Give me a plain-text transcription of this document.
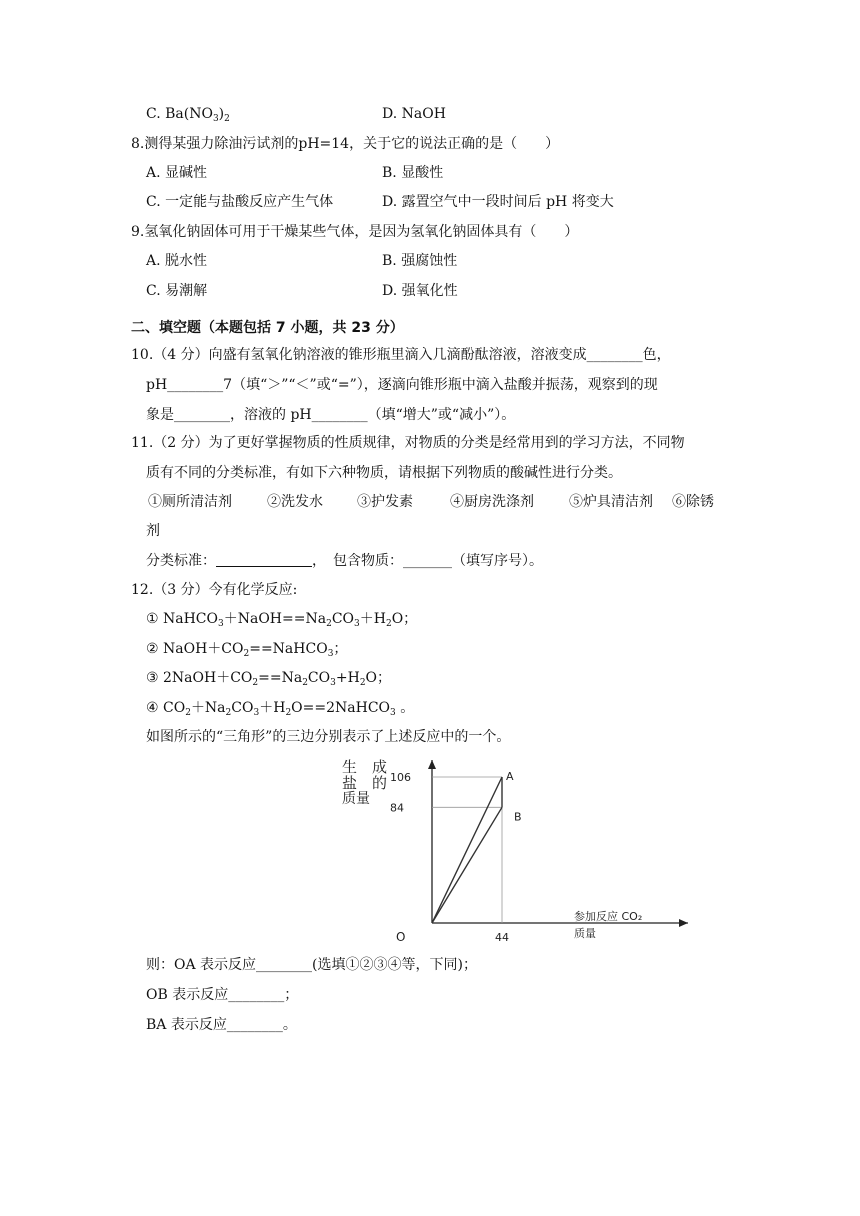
C. $Ba(NO_3)_2$	D. NaOH
8.测得某强力除油污试剂的pH=14，关于它的说法正确的是（　　）
A. 显碱性	B. 显酸性
C. 一定能与盐酸反应产生气体	D. 露置空气中一段时间后 pH 将变大
9.氢氧化钠固体可用于干燥某些气体，是因为氢氧化钠固体具有（　　）
A. 脱水性	B. 强腐蚀性
C. 易潮解	D. 强氧化性
二、填空题（本题包括 7 小题，共 23 分）
10.（4 分）向盛有氢氧化钠溶液的锥形瓶里滴入几滴酚酞溶液，溶液变成________色，
pH________7（填“＞”“＜”或“=”），逐滴向锥形瓶中滴入盐酸并振荡，观察到的现
象是________，溶液的 pH________（填“增大”或“减小”）。
11.（2 分）为了更好掌握物质的性质规律，对物质的分类是经常用到的学习方法，不同物
质有不同的分类标准，有如下六种物质，请根据下列物质的酸碱性进行分类。
①厕所清洁剂	②洗发水 ③护发素	④厨房洗涤剂	⑤炉具清洁剂 ⑥除锈
剂
分类标准：	，　包含物质：_______（填写序号）。
12.（3 分）今有化学反应:
① $NaHCO_3+NaOH==Na_2CO_3+H_2O$；
② $NaOH+CO_2==NaHCO_3$；
③ $2NaOH+CO_2==Na_2CO_3+H_2O$；
④ $CO_2+Na_2CO_3+H_2O==2NaHCO_3$ 。
如图所示的“三角形”的三边分别表示了上述反应中的一个。
84
106
44
A
B
O
生　成
盐　的
质量
参加反应 CO₂
质量
则：OA 表示反应________(选填①②③④等，下同)；
OB 表示反应________；
BA 表示反应________。
